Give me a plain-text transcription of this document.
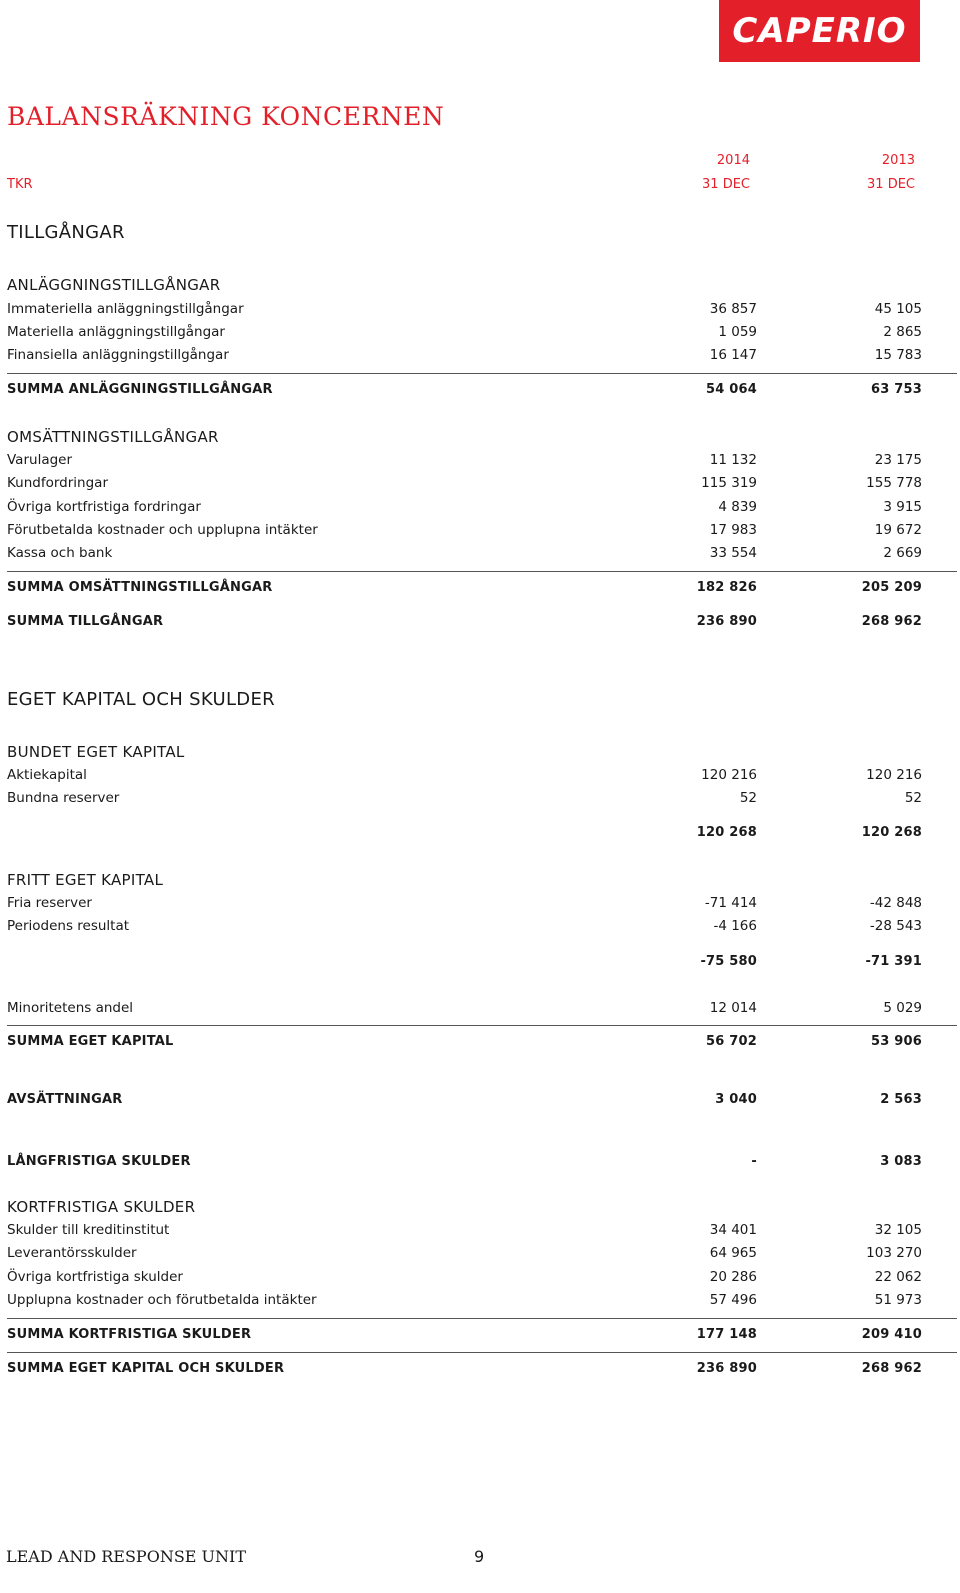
CAPERIO
BALANSRÄKNING KONCERNEN
2014	2013
TKR	31 DEC	31 DEC
TILLGÅNGAR
ANLÄGGNINGSTILLGÅNGAR
Immateriella anläggningstillgångar	36 857	45 105
Materiella anläggningstillgångar	1 059	2 865
Finansiella anläggningstillgångar	16 147	15 783
SUMMA ANLÄGGNINGSTILLGÅNGAR	54 064	63 753
OMSÄTTNINGSTILLGÅNGAR
Varulager	11 132	23 175
Kundfordringar	115 319	155 778
Övriga kortfristiga fordringar	4 839	3 915
Förutbetalda kostnader och upplupna intäkter	17 983	19 672
Kassa och bank	33 554	2 669
SUMMA OMSÄTTNINGSTILLGÅNGAR	182 826	205 209
SUMMA TILLGÅNGAR	236 890	268 962
EGET KAPITAL OCH SKULDER
BUNDET EGET KAPITAL
Aktiekapital	120 216	120 216
Bundna reserver	52	52
120 268	120 268
FRITT EGET KAPITAL
Fria reserver	-71 414	-42 848
Periodens resultat	-4 166	-28 543
-75 580	-71 391
Minoritetens andel	12 014	5 029
SUMMA EGET KAPITAL	56 702	53 906
AVSÄTTNINGAR	3 040	2 563
LÅNGFRISTIGA SKULDER	-	3 083
KORTFRISTIGA SKULDER
Skulder till kreditinstitut	34 401	32 105
Leverantörsskulder	64 965	103 270
Övriga kortfristiga skulder	20 286	22 062
Upplupna kostnader och förutbetalda intäkter	57 496	51 973
SUMMA KORTFRISTIGA SKULDER	177 148	209 410
SUMMA EGET KAPITAL OCH SKULDER	236 890	268 962
LEAD AND RESPONSE UNIT	9
